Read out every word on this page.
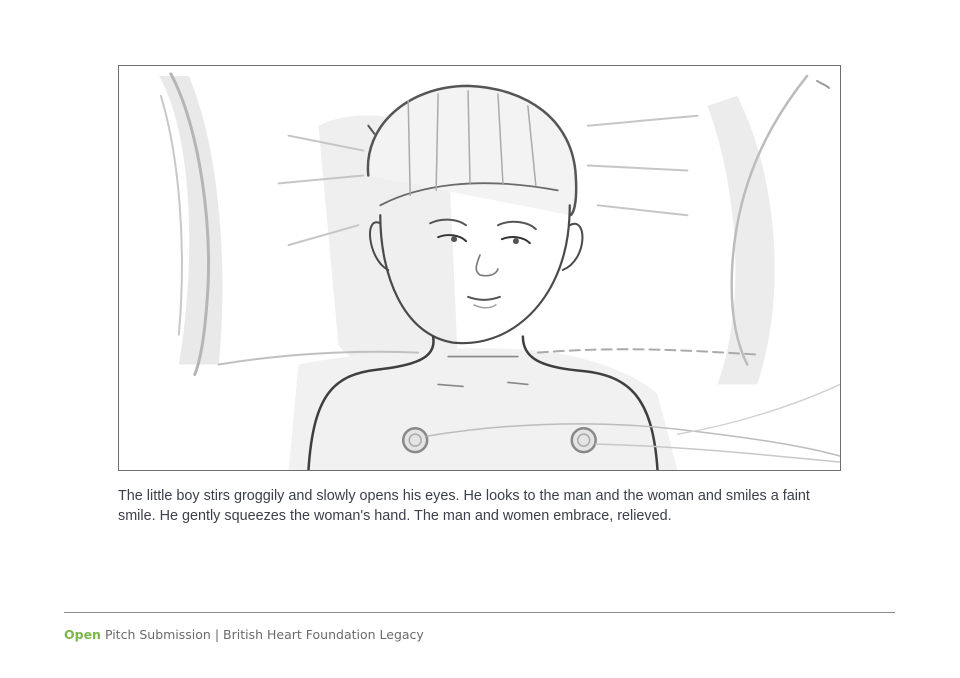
The little boy stirs groggily and slowly opens his eyes. He looks to the man and the woman and smiles a faint smile. He gently squeezes the woman's hand. The man and women embrace, relieved.

Open Pitch Submission | British Heart Foundation Legacy
